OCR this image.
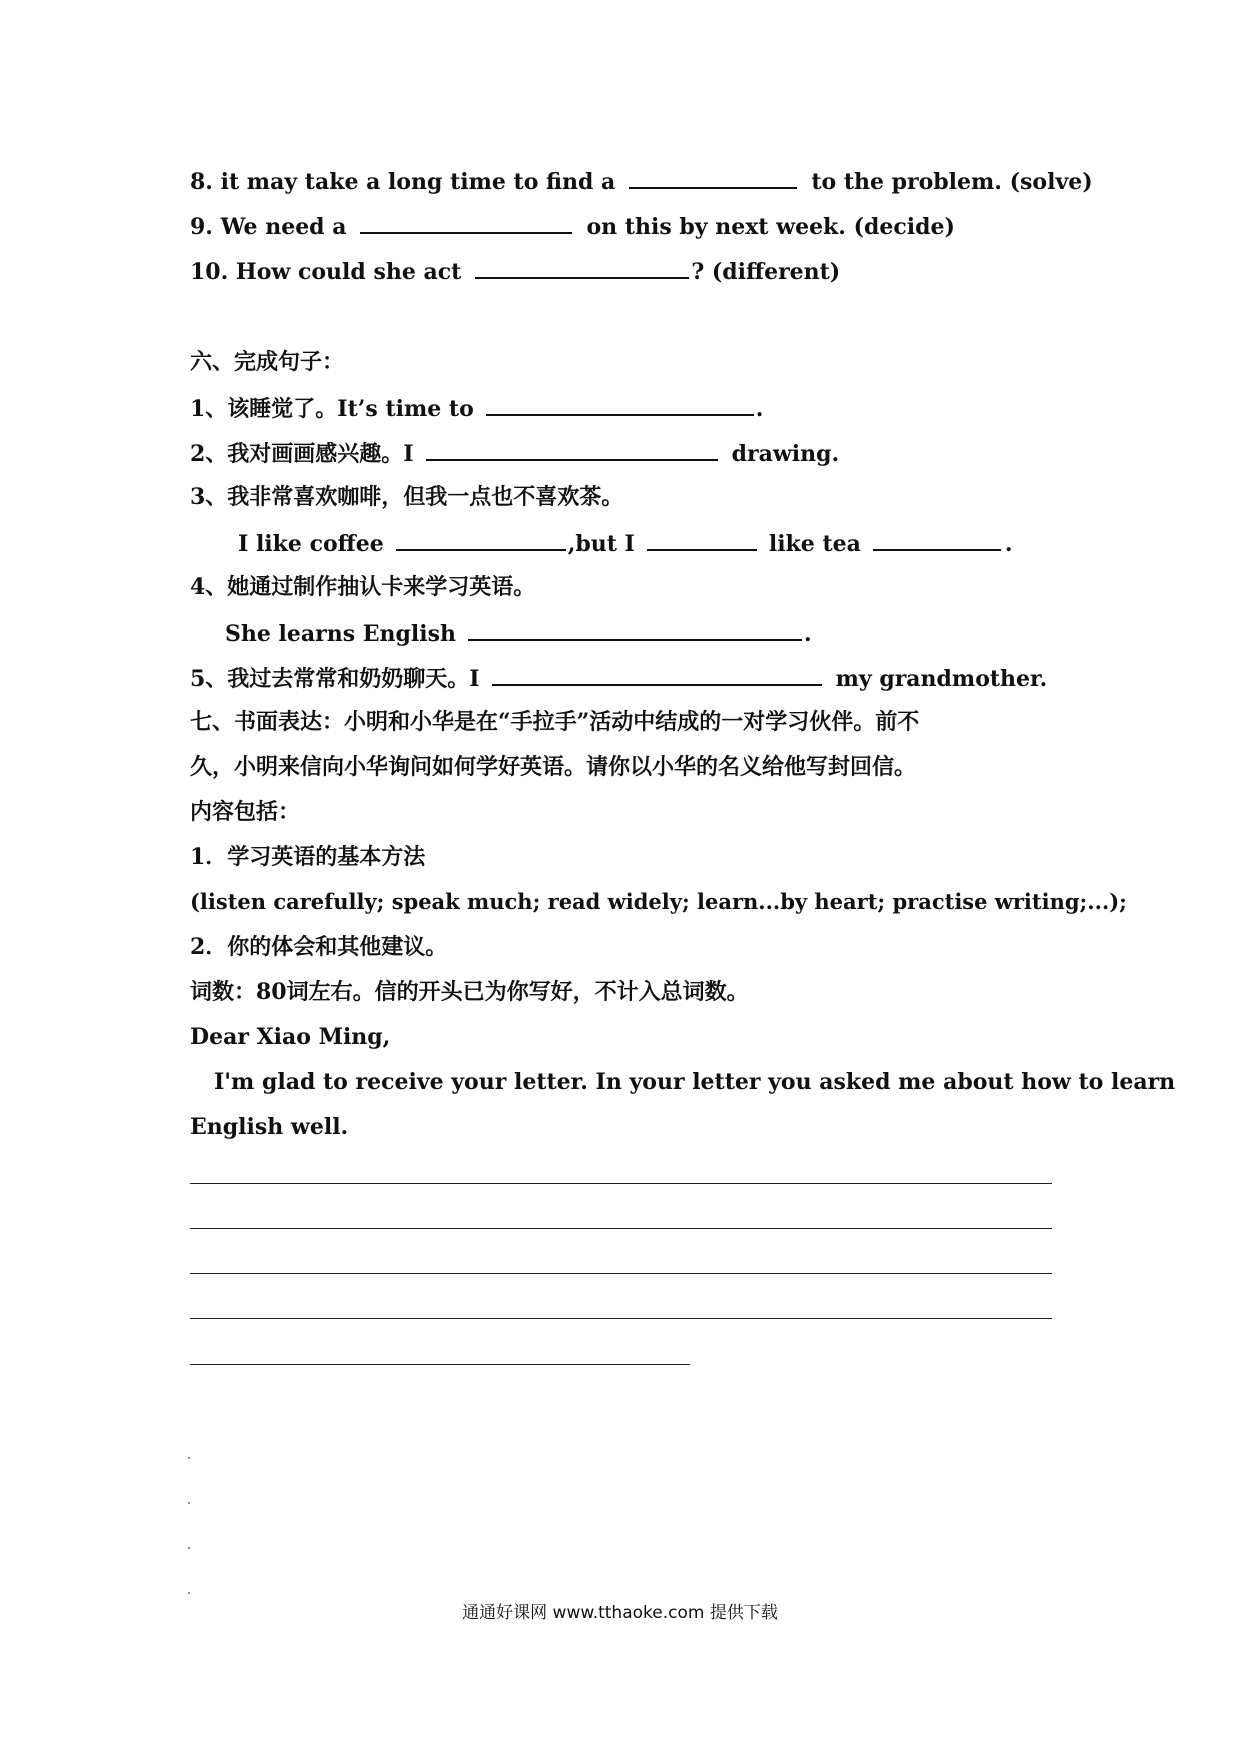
8. it may take a long time to find a	to the problem. (solve)
9. We need a	on this by next week. (decide)
10. How could she act	? (different)
六、完成句子：
1、该睡觉了。It’s time to	.
2、我对画画感兴趣。I	drawing.
3、我非常喜欢咖啡，但我一点也不喜欢茶。
I like coffee	,but I	like tea	.
4、她通过制作抽认卡来学习英语。
She learns English	.
5、我过去常常和奶奶聊天。I	my grandmother.
七、书面表达：小明和小华是在“手拉手”活动中结成的一对学习伙伴。前不
久，小明来信向小华询问如何学好英语。请你以小华的名义给他写封回信。
内容包括：
1．学习英语的基本方法
(listen carefully; speak much; read widely; learn...by heart; practise writing;...);
2．你的体会和其他建议。
词数：80词左右。信的开头已为你写好，不计入总词数。
Dear Xiao Ming,
I'm glad to receive your letter. In your letter you asked me about how to learn
English well.
通通好课网 www.tthaoke.com 提供下载
